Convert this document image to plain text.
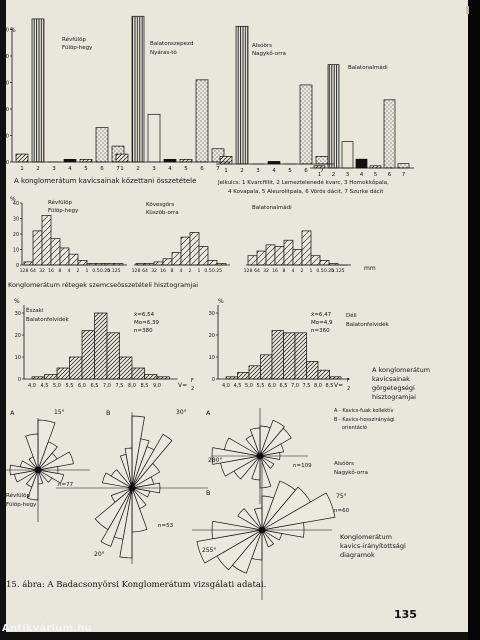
1 2 3 4 5 6 7
0
10
20
30
40
50
1 2 3 4 5 6 7 1 2 3 4 5 6 7
1 2 3 4 5 6 7
128 64 32 16 8 4 2 1 0.5 0.25
0.125
0
10
20
30
40
128 64 32 16 8 4 2 1 0.5 0.25	128 64 32 16 8 4 2 1 0.5 0.25
0.125
4,0 4,5 5,0 5,5 6,0 6,5 7,0 7,5 8,0 8,5 9,0
0
10
20
30
4,0 4,5 5,0 5,5 6,0 6,5 7,0 7,5 8,0 8,5
0
10
20
30
%
Révfülöp
Fülöp-hegy
Balatonszepezd
Nyáras-tó
Alsóörs
Nagykő-orra
Balatonalmádi
A konglomerátum kavicsainak kőzettani összetétele	Jelkulcs: 1 Kvarcfillit, 2 Lemeztelenedé kvarc, 3 Homokkőpala,
4 Kovapala, 5 Aleurolitpala, 6 Vörös dácit, 7 Szurke dácit
%	Révfülöp
Fülöp-hegy
Kövesgörs
Küszöb-orra
Balatonalmádi
mm
Konglomerátum rétegek szemcseösszetételi hisztogramjai
%
Északi
Balatonfelvidék
x̄=6,54
Mo=6,39
n=380
V=
F
2
%
x̄=6,47
Mo=4,9
n=360
Déli
Balatonfelvidék
V=
F
2
A konglomerátum
kavicsainak
görgetegségi
hisztogramjai
A	15°
n=77
Révfülöp
Fülöp-hegy
B	30°
20°
n=53
A
280°
n=109
A - Kavics-fuak kollektív
B - Kavics-hosszirányági
orientáció
Alsóörs
Nagykő-orra
B	75°
255°
n=60
Konglomerátum
kavics-irányítottsági
diagramok
15. ábra: A Badacsonyörsi Konglomerátum vizsgálati adatai.
135
Antikvárium.hu
